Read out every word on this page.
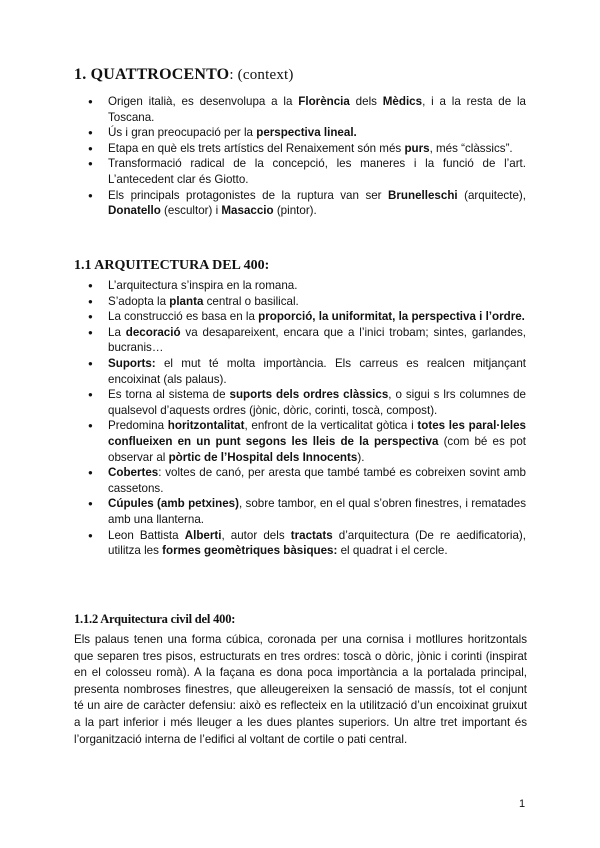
1. QUATTROCENTO: (context)
● Origen italià, es desenvolupa a la Florència dels Mèdics, i a la resta de la Toscana.
● Ús i gran preocupació per la perspectiva lineal.
● Etapa en què els trets artístics del Renaixement són més purs, més “clàssics”.
● Transformació radical de la concepció, les maneres i la funció de l’art. L’antecedent clar és Giotto.
● Els principals protagonistes de la ruptura van ser Brunelleschi (arquitecte), Donatello (escultor) i Masaccio (pintor).
1.1 ARQUITECTURA DEL 400:
● L’arquitectura s’inspira en la romana.
● S’adopta la planta central o basilical.
● La construcció es basa en la proporció, la uniformitat, la perspectiva i l’ordre.
● La decoració va desapareixent, encara que a l’inici trobam; sintes, garlandes, bucranis…
● Suports: el mut té molta importància. Els carreus es realcen mitjançant encoixinat (als palaus).
● Es torna al sistema de suports dels ordres clàssics, o sigui s lrs columnes de qualsevol d’aquests ordres (jònic, dòric, corinti, toscà, compost).
● Predomina horitzontalitat, enfront de la verticalitat gòtica i totes les paral·leles conflueixen en un punt segons les lleis de la perspectiva (com bé es pot observar al pòrtic de l’Hospital dels Innocents).
● Cobertes: voltes de canó, per aresta que també també es cobreixen sovint amb cassetons.
● Cúpules (amb petxines), sobre tambor, en el qual s’obren finestres, i rematades amb una llanterna.
● Leon Battista Alberti, autor dels tractats d’arquitectura (De re aedificatoria), utilitza les formes geomètriques bàsiques: el quadrat i el cercle.
1.1.2 Arquitectura civil del 400:

Els palaus tenen una forma cúbica, coronada per una cornisa i motllures horitzontals que separen tres pisos, estructurats en tres ordres: toscà o dòric, jònic i corinti (inspirat en el colosseu romà). A la façana es dona poca importància a la portalada principal, presenta nombroses finestres, que alleugereixen la sensació de massís, tot el conjunt té un aire de caràcter defensiu: això es reflecteix en la utilització d’un encoixinat gruixut a la part inferior i més lleuger a les dues plantes superiors. Un altre tret important és l’organització interna de l’edifici al voltant de cortile o pati central.

1
